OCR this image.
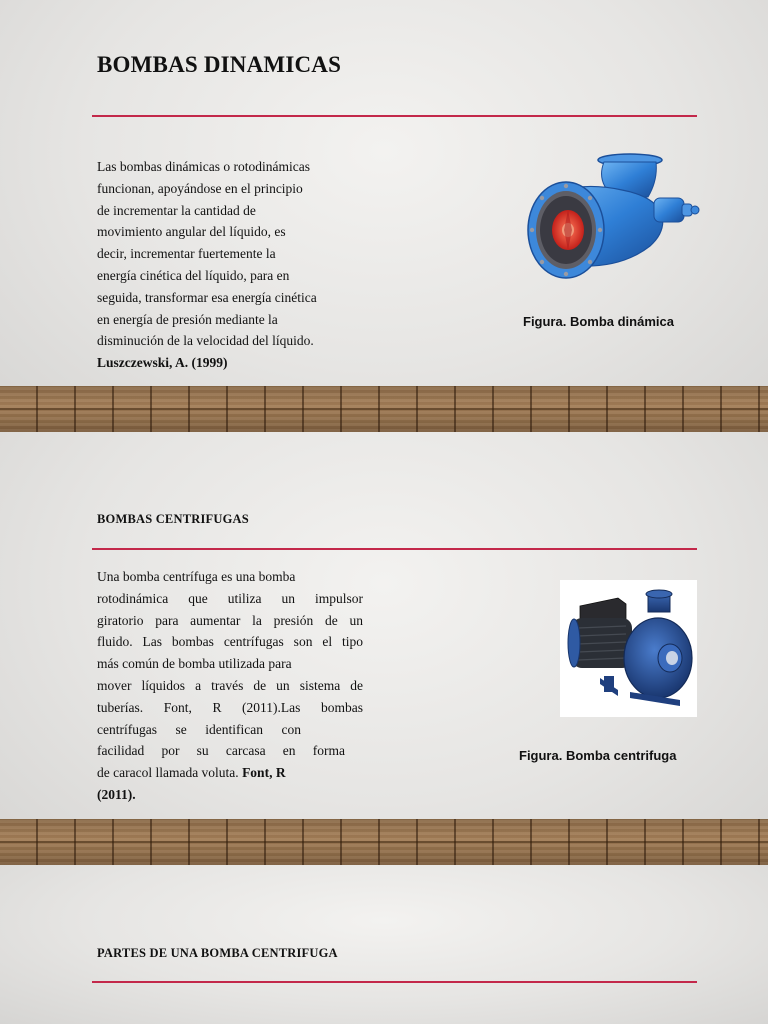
BOMBAS DINAMICAS
Las bombas dinámicas o rotodinámicas
funcionan, apoyándose en el principio
de incrementar la cantidad de
movimiento angular del líquido, es
decir, incrementar fuertemente la
energía cinética del líquido, para en
seguida, transformar esa energía cinética
en energía de presión mediante la
disminución de la velocidad del líquido.
Luszczewski, A. (1999)
Figura. Bomba dinámica
BOMBAS CENTRIFUGAS
Una bomba centrífuga es una bomba
rotodinámica que utiliza un impulsor
giratorio para aumentar la presión de un
fluido. Las bombas centrífugas son el tipo
más común de bomba utilizada para
mover líquidos a través de un sistema de
tuberías. Font, R (2011).Las bombas
centrífugas se identifican con
facilidad por su carcasa en forma
de caracol llamada voluta. Font, R
(2011).
Figura. Bomba centrifuga
PARTES DE UNA BOMBA CENTRIFUGA
